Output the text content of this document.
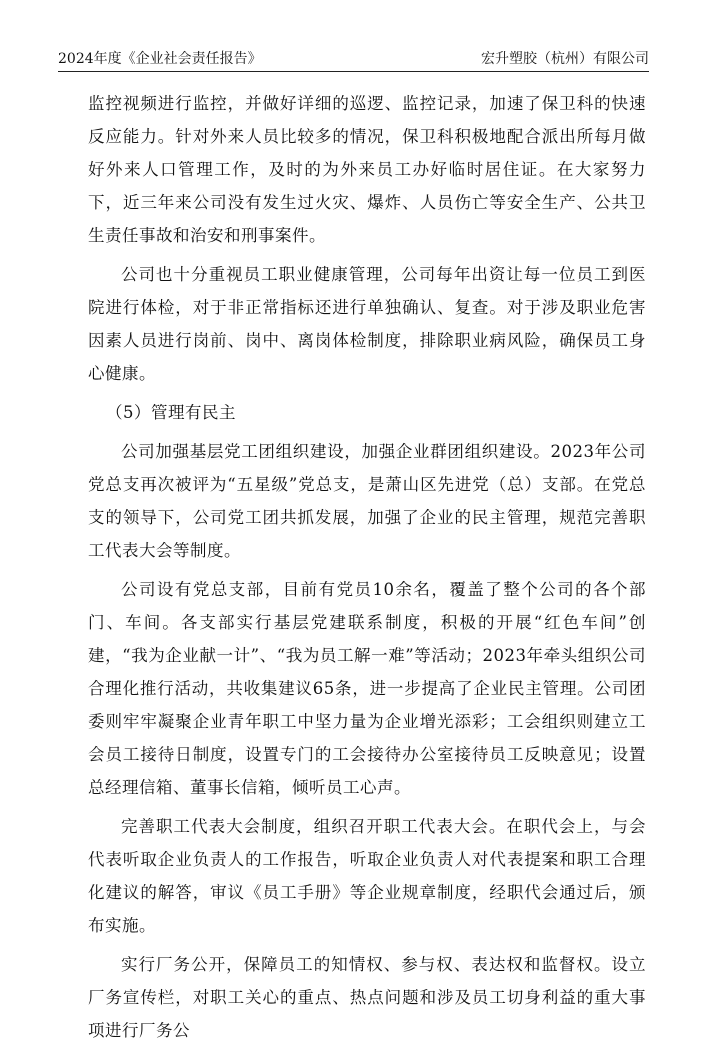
2024年度《企业社会责任报告》	宏升塑胶（杭州）有限公司

监控视频进行监控，并做好详细的巡逻、监控记录，加速了保卫科的快速反应能力。针对外来人员比较多的情况，保卫科积极地配合派出所每月做好外来人口管理工作，及时的为外来员工办好临时居住证。在大家努力下，近三年来公司没有发生过火灾、爆炸、人员伤亡等安全生产、公共卫生责任事故和治安和刑事案件。

公司也十分重视员工职业健康管理，公司每年出资让每一位员工到医院进行体检，对于非正常指标还进行单独确认、复查。对于涉及职业危害因素人员进行岗前、岗中、离岗体检制度，排除职业病风险，确保员工身心健康。

（5）管理有民主

公司加强基层党工团组织建设，加强企业群团组织建设。2023年公司党总支再次被评为“五星级”党总支，是萧山区先进党（总）支部。在党总支的领导下，公司党工团共抓发展，加强了企业的民主管理，规范完善职工代表大会等制度。

公司设有党总支部，目前有党员10余名，覆盖了整个公司的各个部门、车间。各支部实行基层党建联系制度，积极的开展“红色车间”创建，“我为企业献一计”、“我为员工解一难”等活动；2023年牵头组织公司合理化推行活动，共收集建议65条，进一步提高了企业民主管理。公司团委则牢牢凝聚企业青年职工中坚力量为企业增光添彩；工会组织则建立工会员工接待日制度，设置专门的工会接待办公室接待员工反映意见；设置总经理信箱、董事长信箱，倾听员工心声。

完善职工代表大会制度，组织召开职工代表大会。在职代会上，与会代表听取企业负责人的工作报告，听取企业负责人对代表提案和职工合理化建议的解答，审议《员工手册》等企业规章制度，经职代会通过后，颁布实施。

实行厂务公开，保障员工的知情权、参与权、表达权和监督权。设立厂务宣传栏，对职工关心的重点、热点问题和涉及员工切身利益的重大事项进行厂务公
